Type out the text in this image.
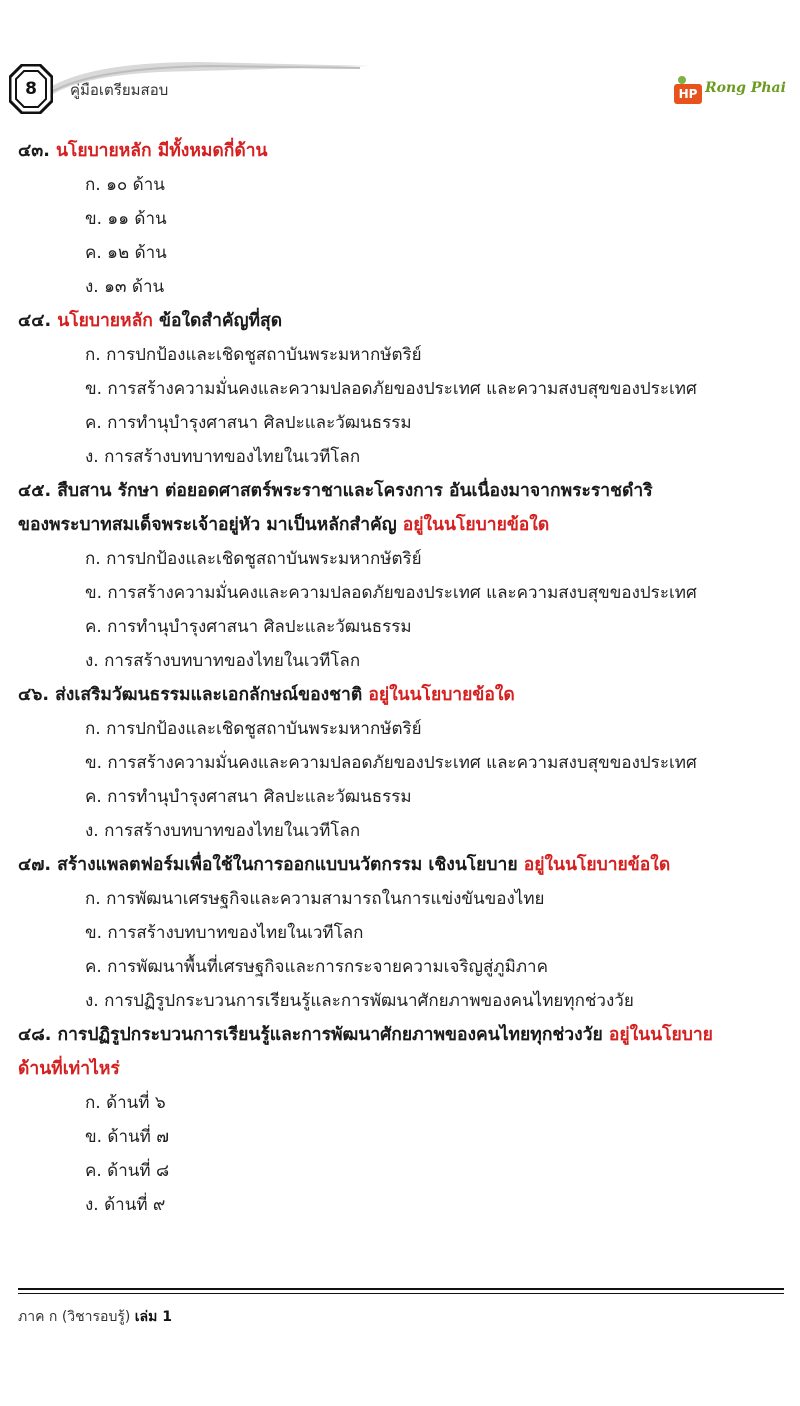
8	คู่มือเตรียมสอบ	HP Rong Phai
๔๓. นโยบายหลัก มีทั้งหมดกี่ด้าน
ก. ๑๐ ด้าน
ข. ๑๑ ด้าน
ค. ๑๒ ด้าน
ง. ๑๓ ด้าน
๔๔. นโยบายหลัก ข้อใดสำคัญที่สุด
ก. การปกป้องและเชิดชูสถาบันพระมหากษัตริย์
ข. การสร้างความมั่นคงและความปลอดภัยของประเทศ และความสงบสุขของประเทศ
ค. การทำนุบำรุงศาสนา ศิลปะและวัฒนธรรม
ง. การสร้างบทบาทของไทยในเวทีโลก
๔๕. สืบสาน รักษา ต่อยอดศาสตร์พระราชาและโครงการ อันเนื่องมาจากพระราชดำริ
ของพระบาทสมเด็จพระเจ้าอยู่หัว มาเป็นหลักสำคัญ อยู่ในนโยบายข้อใด
ก. การปกป้องและเชิดชูสถาบันพระมหากษัตริย์
ข. การสร้างความมั่นคงและความปลอดภัยของประเทศ และความสงบสุขของประเทศ
ค. การทำนุบำรุงศาสนา ศิลปะและวัฒนธรรม
ง. การสร้างบทบาทของไทยในเวทีโลก
๔๖. ส่งเสริมวัฒนธรรมและเอกลักษณ์ของชาติ อยู่ในนโยบายข้อใด
ก. การปกป้องและเชิดชูสถาบันพระมหากษัตริย์
ข. การสร้างความมั่นคงและความปลอดภัยของประเทศ และความสงบสุขของประเทศ
ค. การทำนุบำรุงศาสนา ศิลปะและวัฒนธรรม
ง. การสร้างบทบาทของไทยในเวทีโลก
๔๗. สร้างแพลตฟอร์มเพื่อใช้ในการออกแบบนวัตกรรม เชิงนโยบาย อยู่ในนโยบายข้อใด
ก. การพัฒนาเศรษฐกิจและความสามารถในการแข่งขันของไทย
ข. การสร้างบทบาทของไทยในเวทีโลก
ค. การพัฒนาพื้นที่เศรษฐกิจและการกระจายความเจริญสู่ภูมิภาค
ง. การปฏิรูปกระบวนการเรียนรู้และการพัฒนาศักยภาพของคนไทยทุกช่วงวัย
๔๘. การปฏิรูปกระบวนการเรียนรู้และการพัฒนาศักยภาพของคนไทยทุกช่วงวัย อยู่ในนโยบาย
ด้านที่เท่าไหร่
ก. ด้านที่ ๖
ข. ด้านที่ ๗
ค. ด้านที่ ๘
ง. ด้านที่ ๙
ภาค ก (วิชารอบรู้) เล่ม 1
